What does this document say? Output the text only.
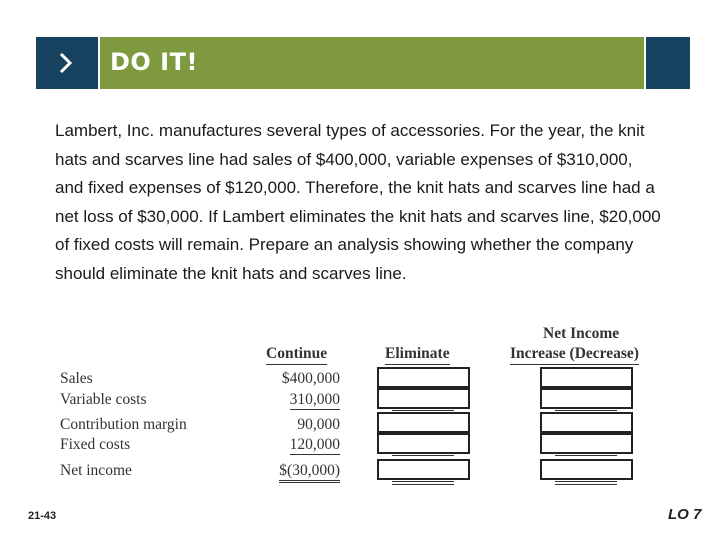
DO IT!

Lambert, Inc. manufactures several types of accessories. For the year, the knit hats and scarves line had sales of $400,000, variable expenses of $310,000, and fixed expenses of $120,000. Therefore, the knit hats and scarves line had a net loss of $30,000. If Lambert eliminates the knit hats and scarves line, $20,000 of fixed costs will remain. Prepare an analysis showing whether the company should eliminate the knit hats and scarves line.

Continue	Eliminate
Net Income
Increase (Decrease)
Sales
Variable costs
Contribution margin
Fixed costs
Net income
$400,000
310,000
90,000
120,000
$(30,000)
21-43	LO 7
